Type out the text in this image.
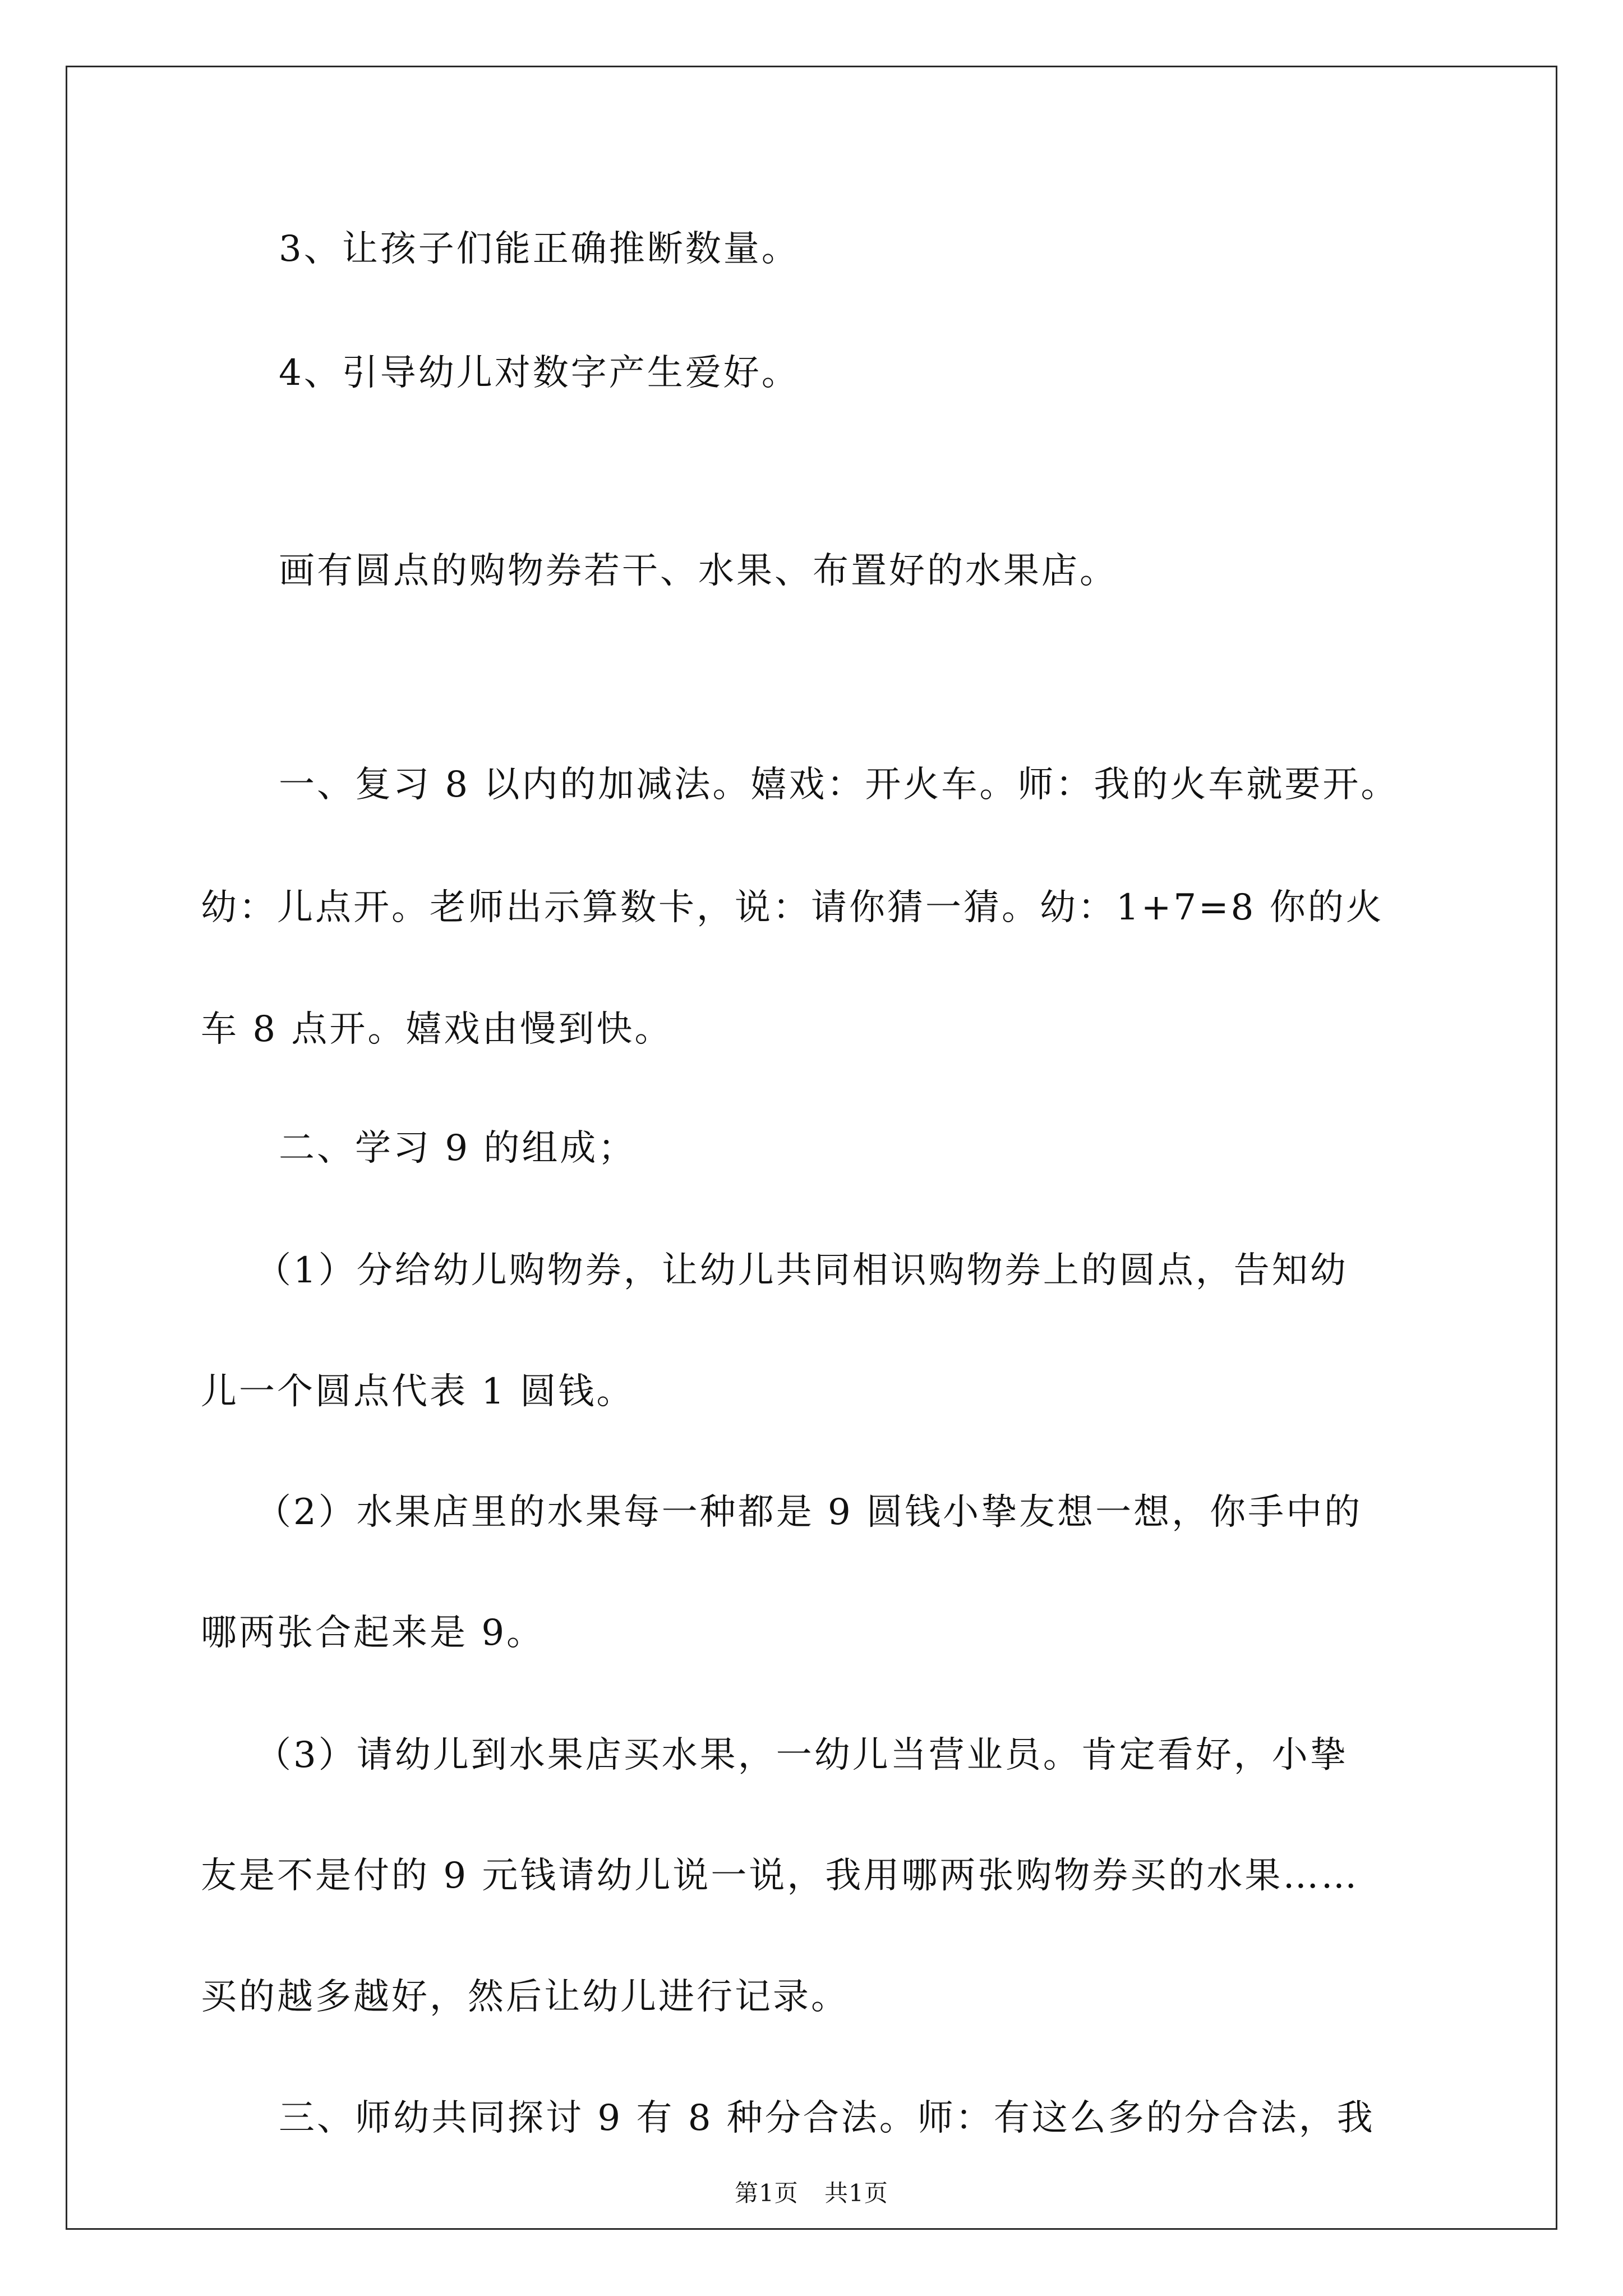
3、让孩子们能正确推断数量。
4、引导幼儿对数字产生爱好。
画有圆点的购物券若干、水果、布置好的水果店。
一、复习 8 以内的加减法。嬉戏：开火车。师：我的火车就要开。
幼：儿点开。老师出示算数卡，说：请你猜一猜。幼：1+7=8 你的火
车 8 点开。嬉戏由慢到快。
二、学习 9 的组成；
（1）分给幼儿购物券，让幼儿共同相识购物券上的圆点，告知幼
儿一个圆点代表 1 圆钱。
（2）水果店里的水果每一种都是 9 圆钱小挚友想一想，你手中的
哪两张合起来是 9。
（3）请幼儿到水果店买水果，一幼儿当营业员。肯定看好，小挚
友是不是付的 9 元钱请幼儿说一说，我用哪两张购物券买的水果……
买的越多越好，然后让幼儿进行记录。
三、师幼共同探讨 9 有 8 种分合法。师：有这么多的分合法，我
第1页 共1页
